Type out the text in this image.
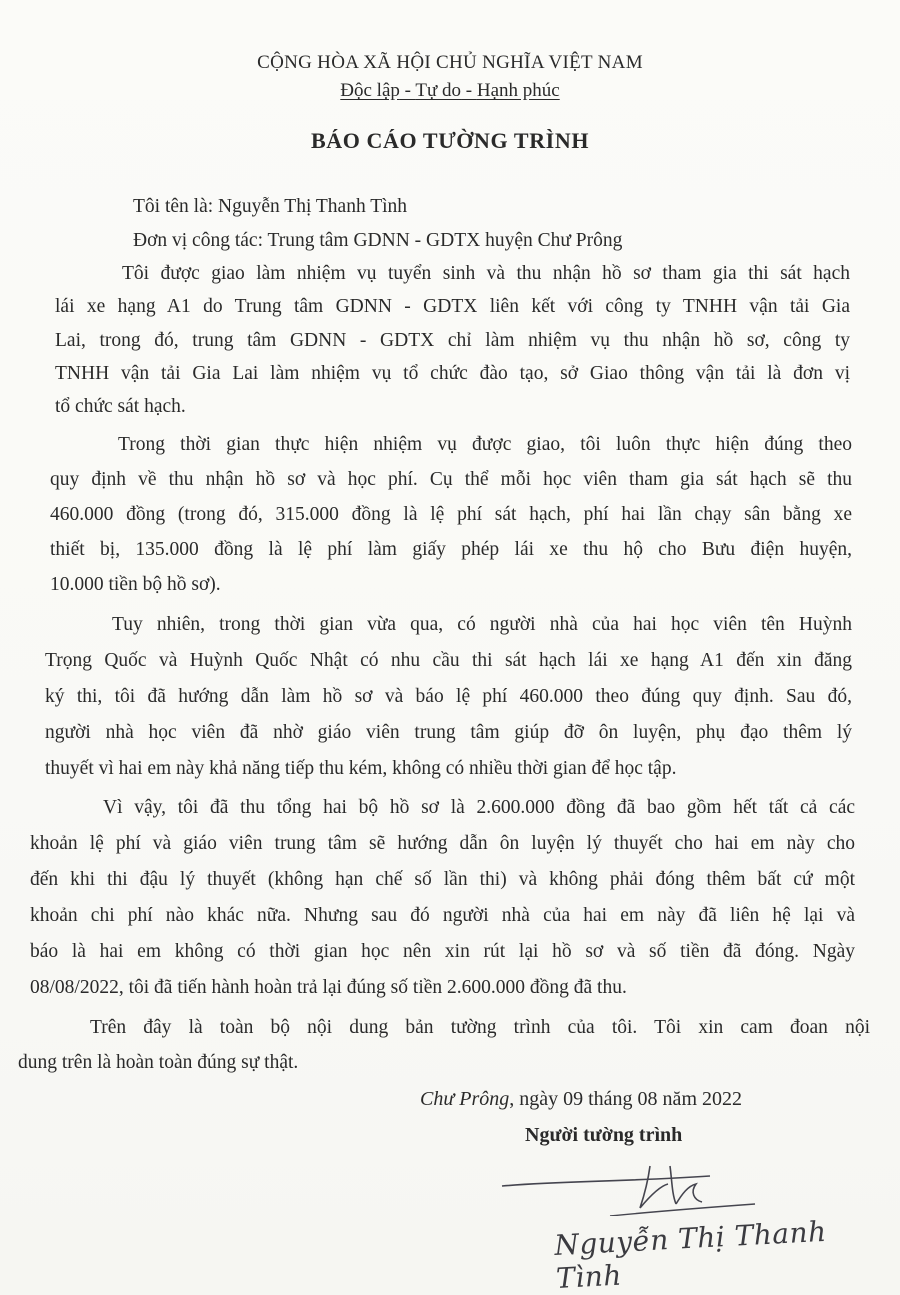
CỘNG HÒA XÃ HỘI CHỦ NGHĨA VIỆT NAM
Độc lập - Tự do - Hạnh phúc
BÁO CÁO TƯỜNG TRÌNH
Tôi tên là: Nguyễn Thị Thanh Tình
Đơn vị công tác: Trung tâm GDNN - GDTX huyện Chư Prông
Tôi được giao làm nhiệm vụ tuyển sinh và thu nhận hồ sơ tham gia thi sát hạch
lái xe hạng A1 do Trung tâm GDNN - GDTX liên kết với công ty TNHH vận tải Gia
Lai, trong đó, trung tâm GDNN - GDTX chỉ làm nhiệm vụ thu nhận hồ sơ, công ty
TNHH vận tải Gia Lai làm nhiệm vụ tổ chức đào tạo, sở Giao thông vận tải là đơn vị
tổ chức sát hạch.
Trong thời gian thực hiện nhiệm vụ được giao, tôi luôn thực hiện đúng theo
quy định về thu nhận hồ sơ và học phí. Cụ thể mỗi học viên tham gia sát hạch sẽ thu
460.000 đồng (trong đó, 315.000 đồng là lệ phí sát hạch, phí hai lần chạy sân bằng xe
thiết bị, 135.000 đồng là lệ phí làm giấy phép lái xe thu hộ cho Bưu điện huyện,
10.000 tiền bộ hồ sơ).
Tuy nhiên, trong thời gian vừa qua, có người nhà của hai học viên tên Huỳnh
Trọng Quốc và Huỳnh Quốc Nhật có nhu cầu thi sát hạch lái xe hạng A1 đến xin đăng
ký thi, tôi đã hướng dẫn làm hồ sơ và báo lệ phí 460.000 theo đúng quy định. Sau đó,
người nhà học viên đã nhờ giáo viên trung tâm giúp đỡ ôn luyện, phụ đạo thêm lý
thuyết vì hai em này khả năng tiếp thu kém, không có nhiều thời gian để học tập.
Vì vậy, tôi đã thu tổng hai bộ hồ sơ là 2.600.000 đồng đã bao gồm hết tất cả các
khoản lệ phí và giáo viên trung tâm sẽ hướng dẫn ôn luyện lý thuyết cho hai em này cho
đến khi thi đậu lý thuyết (không hạn chế số lần thi) và không phải đóng thêm bất cứ một
khoản chi phí nào khác nữa. Nhưng sau đó người nhà của hai em này đã liên hệ lại và
báo là hai em không có thời gian học nên xin rút lại hồ sơ và số tiền đã đóng. Ngày
08/08/2022, tôi đã tiến hành hoàn trả lại đúng số tiền 2.600.000 đồng đã thu.
Trên đây là toàn bộ nội dung bản tường trình của tôi. Tôi xin cam đoan nội
dung trên là hoàn toàn đúng sự thật.
Chư Prông, ngày 09 tháng 08 năm 2022
Người tường trình
Nguyễn Thị Thanh Tình
